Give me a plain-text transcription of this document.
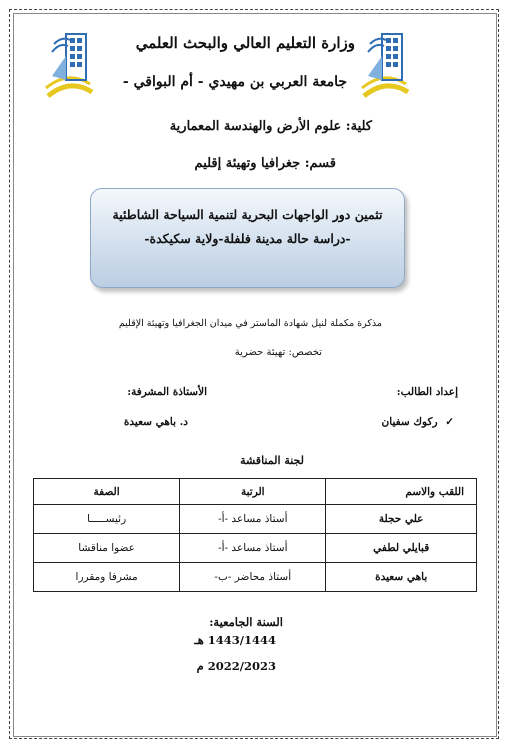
وزارة التعليم العالي والبحث العلمي
جامعة العربي بن مهيدي - أم البواقي -
كلية: علوم الأرض والهندسة المعمارية
قسم: جغرافيا وتهيئة إقليم
تثمين دور الواجهات البحرية لتنمية السياحة الشاطئية
-دراسة حالة مدينة فلفلة-ولاية سكيكدة-
مذكرة مكملة لنيل شهادة الماستر في ميدان الجغرافيا وتهيئة الإقليم
تخصص: تهيئة حضرية
إعداد الطالب:
الأستاذة المشرفة:
✓ ركوك سفيان
د. باهي سعيدة
لجنة المناقشة
اللقب والاسم	الرتبة	الصفة
علي حجلة	أستاذ مساعد -أ-	رئيســـــا
قبايلي لطفي	أستاذ مساعد -أ-	عضوا مناقشا
باهي سعيدة	أستاذ محاضر -ب-	مشرفا ومقررا
السنة الجامعية:
1443/1444 هـ
2022/2023 م
